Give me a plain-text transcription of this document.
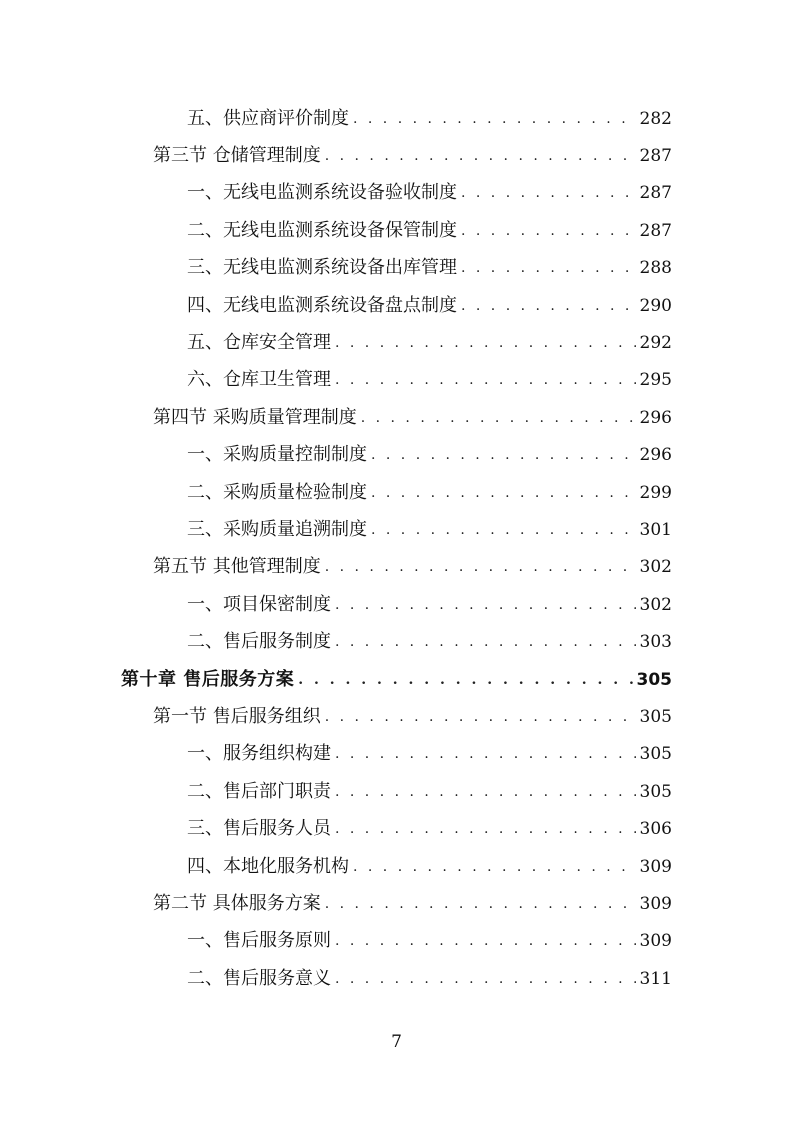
五、供应商评价制度 . . .	282
第三节 仓储管理制度 . . .	287
一、无线电监测系统设备验收制度 . . .	287
二、无线电监测系统设备保管制度 . . .	287
三、无线电监测系统设备出库管理 . . .	288
四、无线电监测系统设备盘点制度 . . .	290
五、仓库安全管理 . . .	292
六、仓库卫生管理 . . .	295
第四节 采购质量管理制度 . . .	296
一、采购质量控制制度 . . .	296
二、采购质量检验制度 . . .	299
三、采购质量追溯制度 . . .	301
第五节 其他管理制度 . . .	302
一、项目保密制度 . . .	302
二、售后服务制度 . . .	303
第十章 售后服务方案 . . .	305
第一节 售后服务组织 . . .	305
一、服务组织构建 . . .	305
二、售后部门职责 . . .	305
三、售后服务人员 . . .	306
四、本地化服务机构 . . .	309
第二节 具体服务方案 . . .	309
一、售后服务原则 . . .	309
二、售后服务意义 . . .	311
7
